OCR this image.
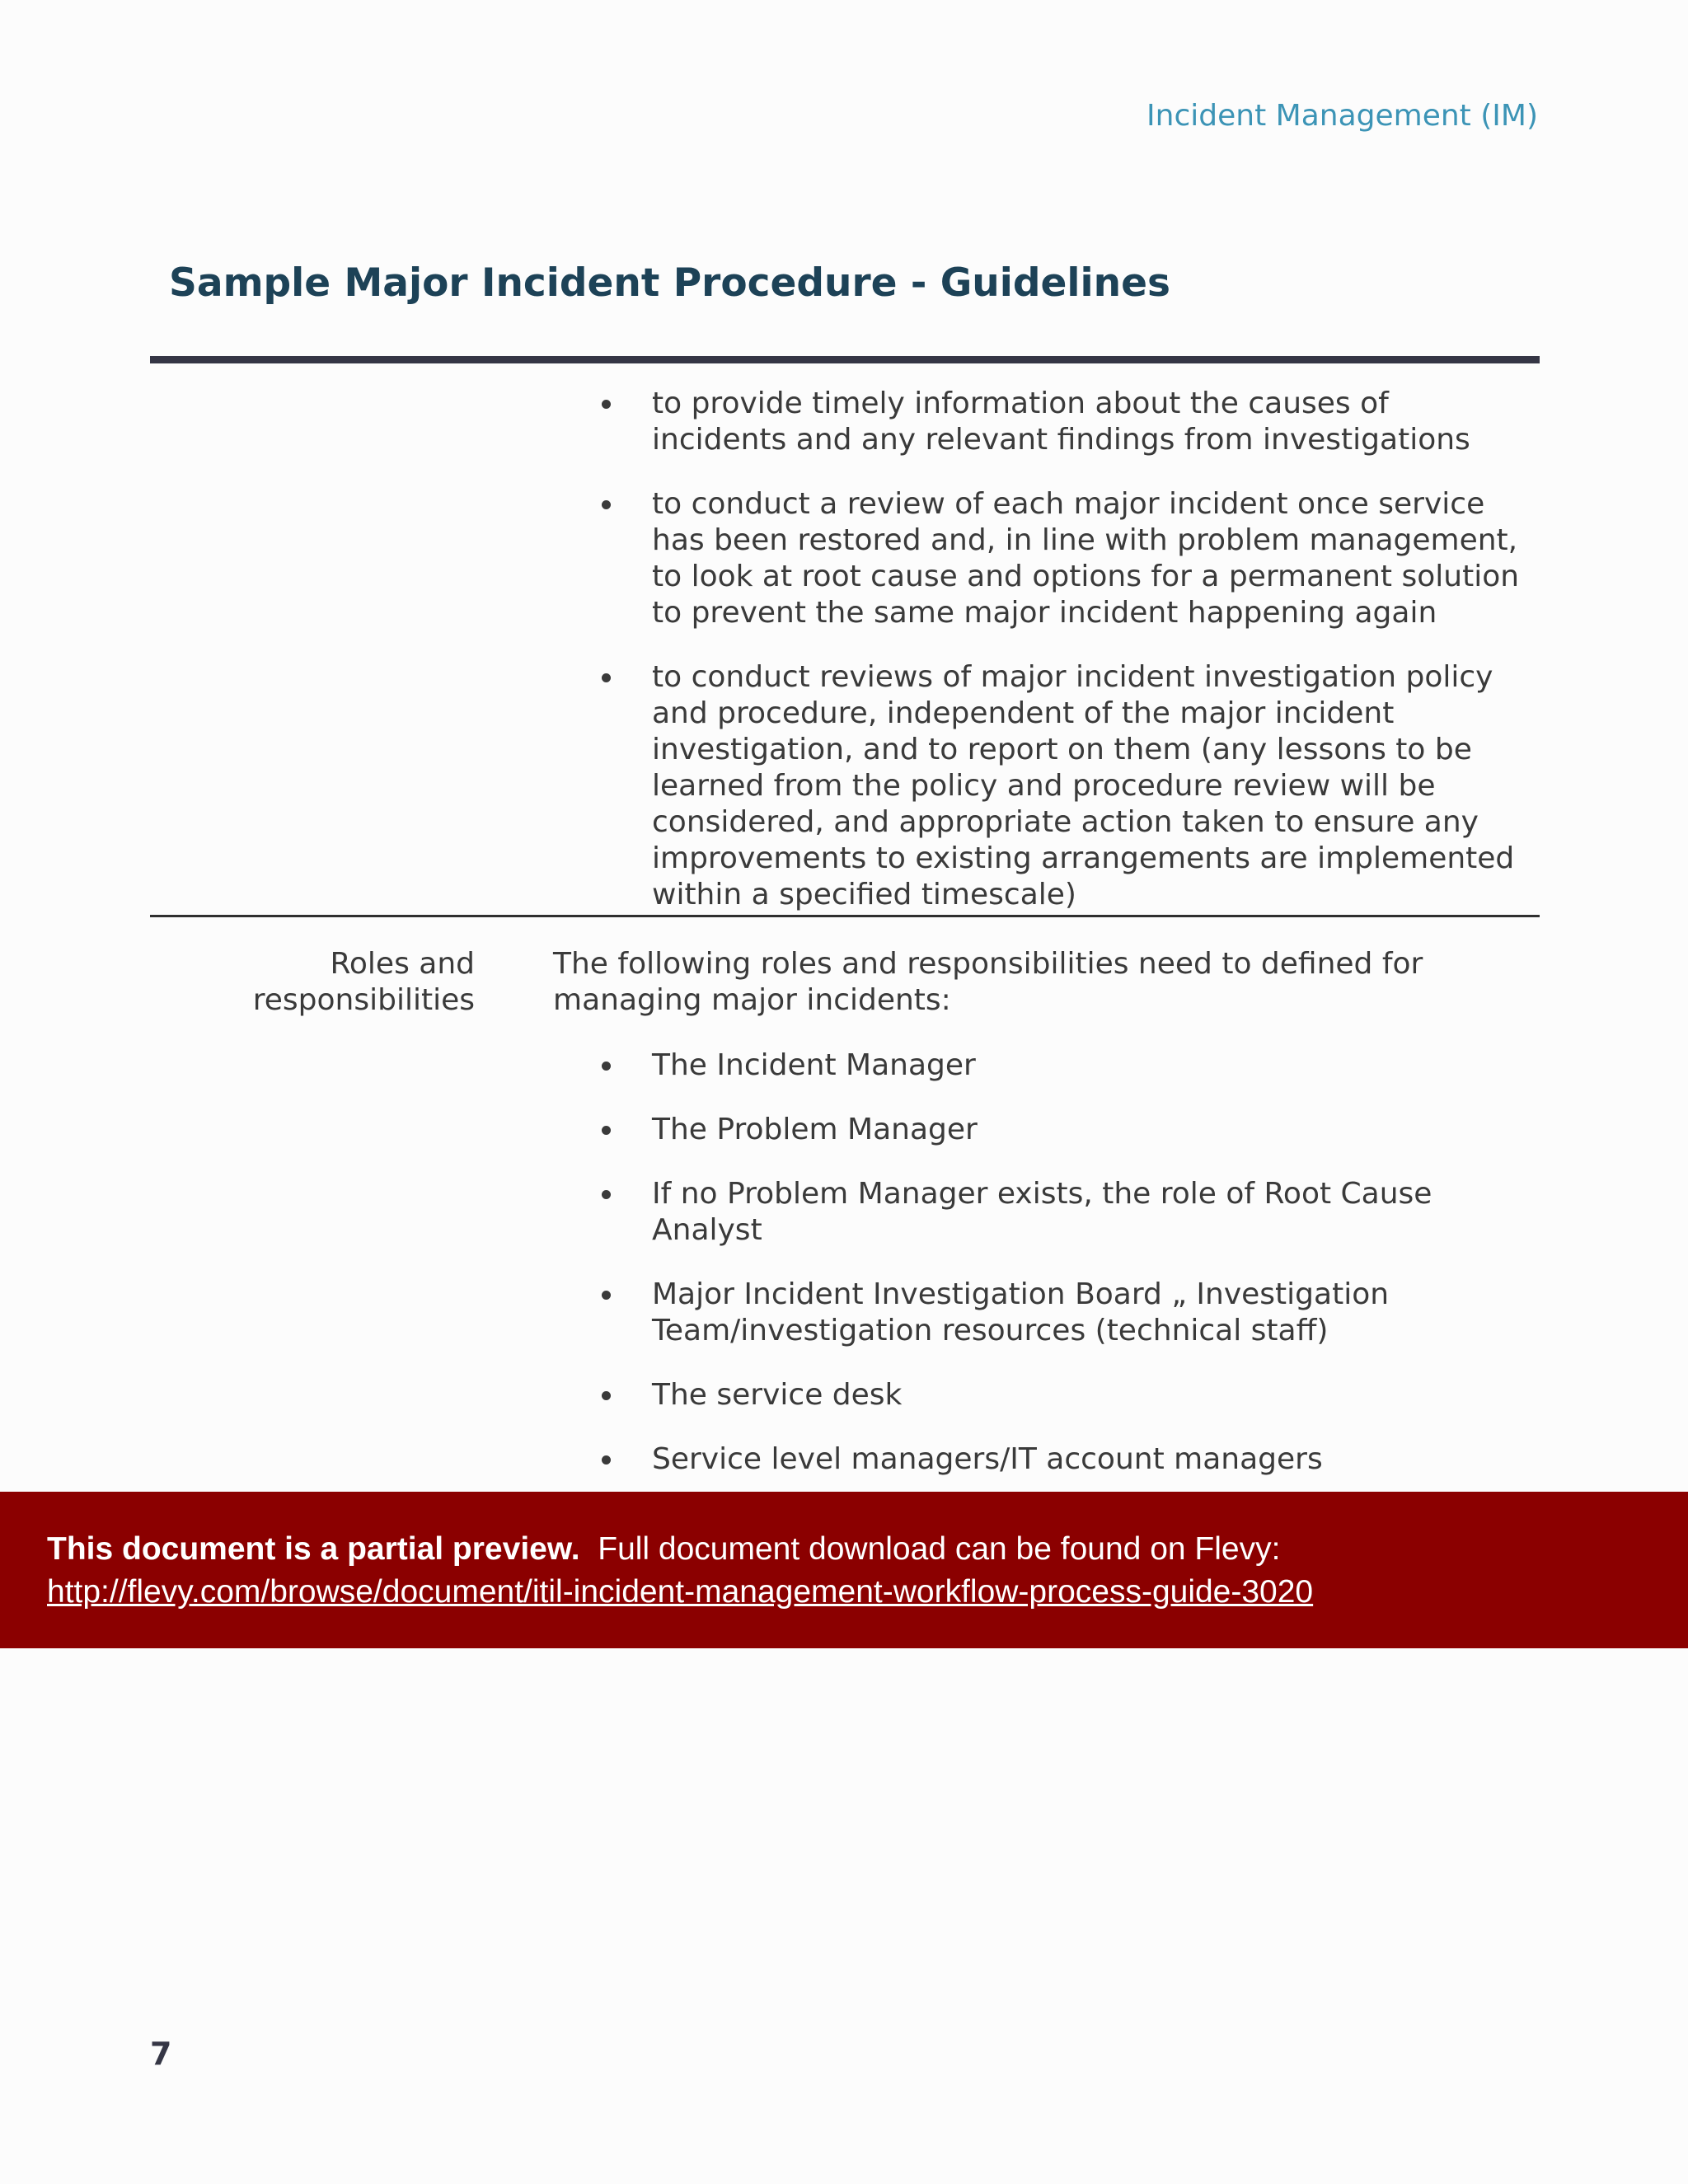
Incident Management (IM)
Sample Major Incident Procedure - Guidelines
to provide timely information about the causes of incidents and any relevant findings from investigations
to conduct a review of each major incident once service has been restored and, in line with problem management, to look at root cause and options for a permanent solution to prevent the same major incident happening again
to conduct reviews of major incident investigation policy and procedure, independent of the major incident investigation, and to report on them (any lessons to be learned from the policy and procedure review will be considered, and appropriate action taken to ensure any improvements to existing arrangements are implemented within a specified timescale)
Roles and responsibilities
The following roles and responsibilities need to defined for managing major incidents:
The Incident Manager
The Problem Manager
If no Problem Manager exists, the role of Root Cause Analyst
Major Incident Investigation Board „ Investigation Team/investigation resources (technical staff)
The service desk
Service level managers/IT account managers
This document is a partial preview. Full document download can be found on Flevy:
http://flevy.com/browse/document/itil-incident-management-workflow-process-guide-3020
7
